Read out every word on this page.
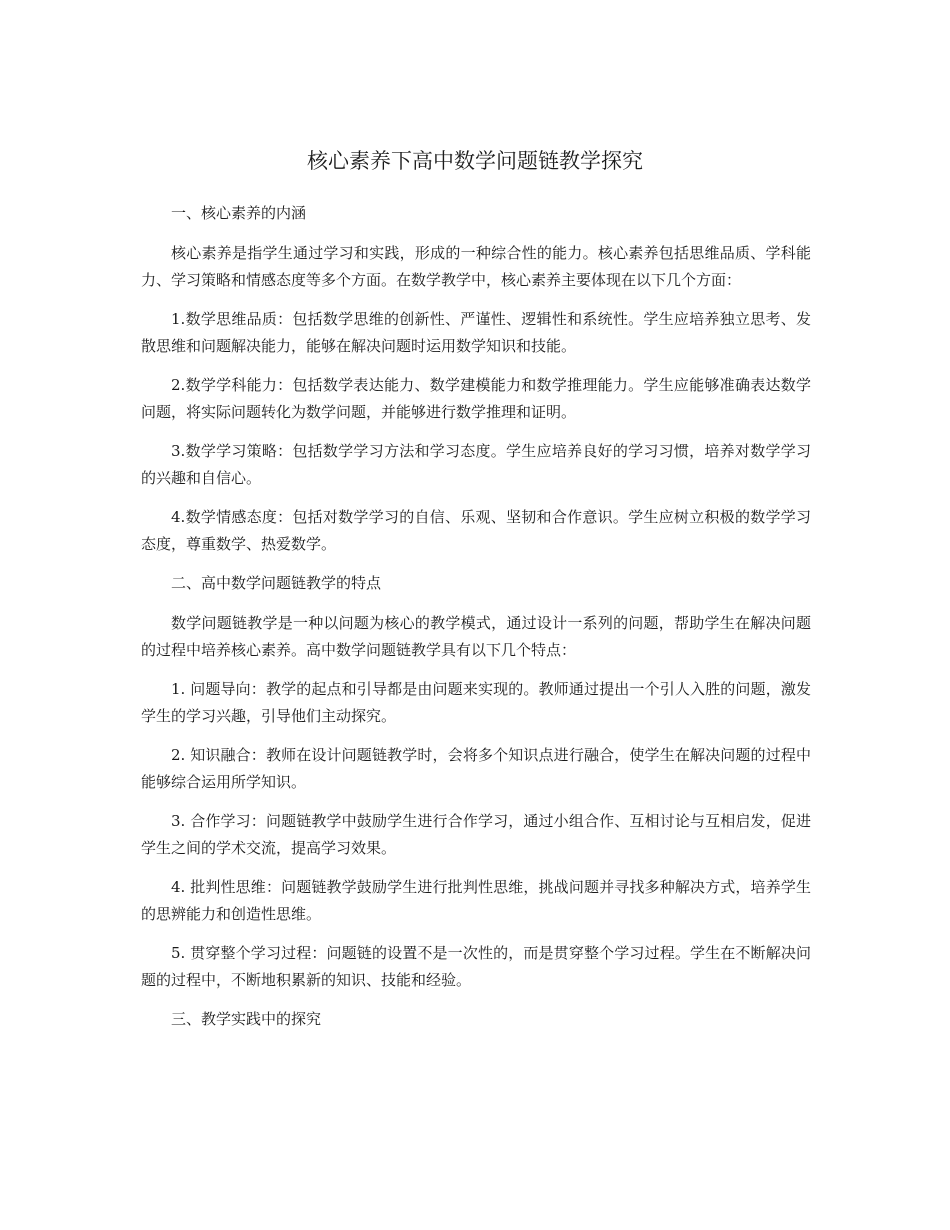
核心素养下高中数学问题链教学探究

一、核心素养的内涵

核心素养是指学生通过学习和实践，形成的一种综合性的能力。核心素养包括思维品质、学科能力、学习策略和情感态度等多个方面。在数学教学中，核心素养主要体现在以下几个方面：

1.数学思维品质：包括数学思维的创新性、严谨性、逻辑性和系统性。学生应培养独立思考、发散思维和问题解决能力，能够在解决问题时运用数学知识和技能。

2.数学学科能力：包括数学表达能力、数学建模能力和数学推理能力。学生应能够准确表达数学问题，将实际问题转化为数学问题，并能够进行数学推理和证明。

3.数学学习策略：包括数学学习方法和学习态度。学生应培养良好的学习习惯，培养对数学学习的兴趣和自信心。

4.数学情感态度：包括对数学学习的自信、乐观、坚韧和合作意识。学生应树立积极的数学学习态度，尊重数学、热爱数学。

二、高中数学问题链教学的特点

数学问题链教学是一种以问题为核心的教学模式，通过设计一系列的问题，帮助学生在解决问题的过程中培养核心素养。高中数学问题链教学具有以下几个特点：

1. 问题导向：教学的起点和引导都是由问题来实现的。教师通过提出一个引人入胜的问题，激发学生的学习兴趣，引导他们主动探究。

2. 知识融合：教师在设计问题链教学时，会将多个知识点进行融合，使学生在解决问题的过程中能够综合运用所学知识。

3. 合作学习：问题链教学中鼓励学生进行合作学习，通过小组合作、互相讨论与互相启发，促进学生之间的学术交流，提高学习效果。

4. 批判性思维：问题链教学鼓励学生进行批判性思维，挑战问题并寻找多种解决方式，培养学生的思辨能力和创造性思维。

5. 贯穿整个学习过程：问题链的设置不是一次性的，而是贯穿整个学习过程。学生在不断解决问题的过程中，不断地积累新的知识、技能和经验。

三、教学实践中的探究
